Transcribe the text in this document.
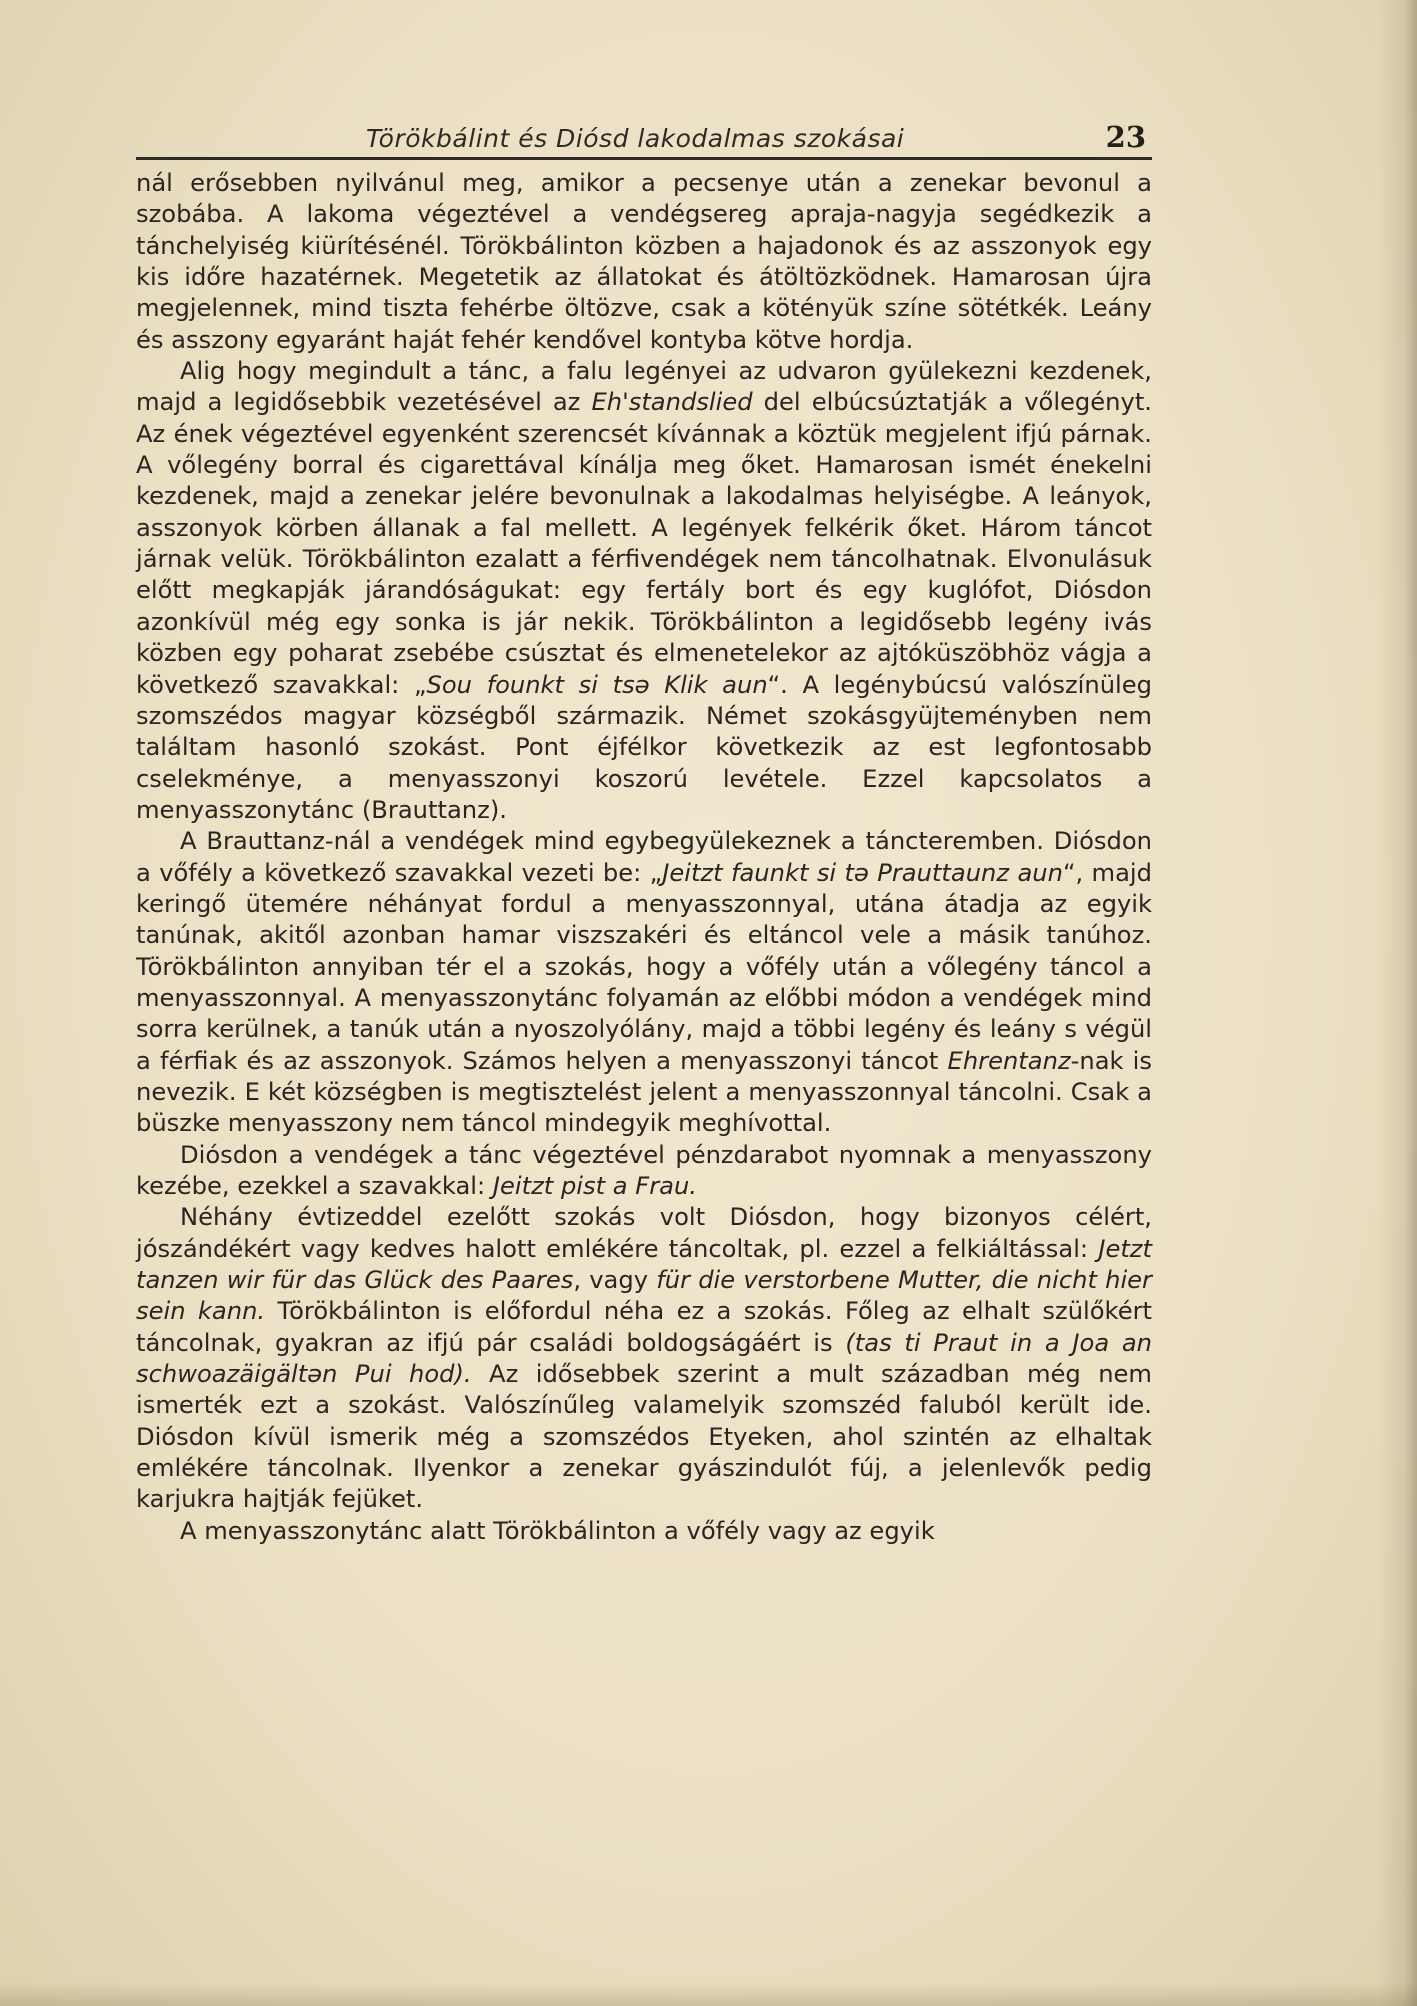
Törökbálint és Diósd lakodalmas szokásai	23

nál erősebben nyilvánul meg, amikor a pecsenye után a zenekar bevonul a szobába. A lakoma végeztével a vendégsereg apraja-nagyja segédkezik a tánchelyiség kiürítésénél. Törökbálinton közben a hajadonok és az asszonyok egy kis időre hazatérnek. Megetetik az állatokat és átöltözködnek. Hamarosan újra megjelennek, mind tiszta fehérbe öltözve, csak a kötényük színe sötétkék. Leány és asszony egyaránt haját fehér kendővel kontyba kötve hordja.

Alig hogy megindult a tánc, a falu legényei az udvaron gyülekezni kezdenek, majd a legidősebbik vezetésével az Eh'standslied del elbúcsúztatják a vőlegényt. Az ének végeztével egyenként szerencsét kívánnak a köztük megjelent ifjú párnak. A vőlegény borral és cigarettával kínálja meg őket. Hamarosan ismét énekelni kezdenek, majd a zenekar jelére bevonulnak a lakodalmas helyiségbe. A leányok, asszonyok körben állanak a fal mellett. A legények felkérik őket. Három táncot járnak velük. Törökbálinton ezalatt a férfivendégek nem táncolhatnak. Elvonulásuk előtt megkapják járandóságukat: egy fertály bort és egy kuglófot, Diósdon azonkívül még egy sonka is jár nekik. Törökbálinton a legidősebb legény ivás közben egy poharat zsebébe csúsztat és elmenetelekor az ajtóküszöbhöz vágja a következő szavakkal: „Sou founkt si tsə Klik aun“. A legénybúcsú valószínüleg szomszédos magyar községből származik. Német szokásgyüjteményben nem találtam hasonló szokást. Pont éjfélkor következik az est legfontosabb cselekménye, a menyasszonyi koszorú levétele. Ezzel kapcsolatos a menyasszonytánc (Brauttanz).

A Brauttanz-nál a vendégek mind egybegyülekeznek a táncteremben. Diósdon a vőfély a következő szavakkal vezeti be: „Jeitzt faunkt si tə Prauttaunz aun“, majd keringő ütemére néhányat fordul a menyasszonnyal, utána átadja az egyik tanúnak, akitől azonban hamar viszszakéri és eltáncol vele a másik tanúhoz. Törökbálinton annyiban tér el a szokás, hogy a vőfély után a vőlegény táncol a menyasszonnyal. A menyasszonytánc folyamán az előbbi módon a vendégek mind sorra kerülnek, a tanúk után a nyoszolyólány, majd a többi legény és leány s végül a férfiak és az asszonyok. Számos helyen a menyasszonyi táncot Ehrentanz-nak is nevezik. E két községben is megtisztelést jelent a menyasszonnyal táncolni. Csak a büszke menyasszony nem táncol mindegyik meghívottal.

Diósdon a vendégek a tánc végeztével pénzdarabot nyomnak a menyasszony kezébe, ezekkel a szavakkal: Jeitzt pist a Frau.

Néhány évtizeddel ezelőtt szokás volt Diósdon, hogy bizonyos célért, jószándékért vagy kedves halott emlékére táncoltak, pl. ezzel a felkiáltással: Jetzt tanzen wir für das Glück des Paares, vagy für die verstorbene Mutter, die nicht hier sein kann. Törökbálinton is előfordul néha ez a szokás. Főleg az elhalt szülőkért táncolnak, gyakran az ifjú pár családi boldogságáért is (tas ti Praut in a Joa an schwoazäigältən Pui hod). Az idősebbek szerint a mult században még nem ismerték ezt a szokást. Valószínűleg valamelyik szomszéd faluból került ide. Diósdon kívül ismerik még a szomszédos Etyeken, ahol szintén az elhaltak emlékére táncolnak. Ilyenkor a zenekar gyászindulót fúj, a jelenlevők pedig karjukra hajtják fejüket.

A menyasszonytánc alatt Törökbálinton a vőfély vagy az egyik
